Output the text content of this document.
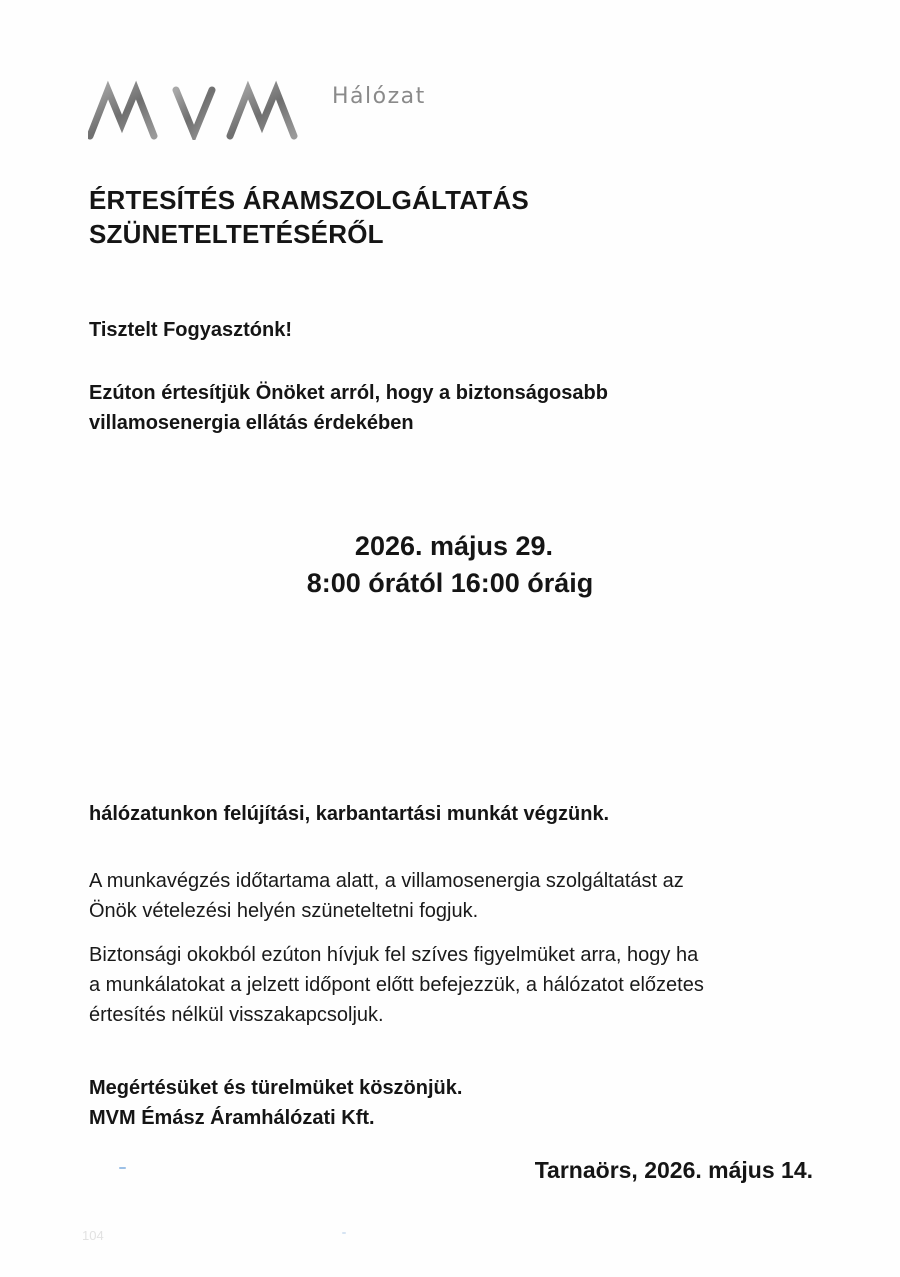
Hálózat
ÉRTESÍTÉS ÁRAMSZOLGÁLTATÁS
SZÜNETELTETÉSÉRŐL
Tisztelt Fogyasztónk!
Ezúton értesítjük Önöket arról, hogy a biztonságosabb
villamosenergia ellátás érdekében
2026. május 29.
8:00 órától 16:00 óráig
hálózatunkon felújítási, karbantartási munkát végzünk.
A munkavégzés időtartama alatt, a villamosenergia szolgáltatást az
Önök vételezési helyén szüneteltetni fogjuk.
Biztonsági okokból ezúton hívjuk fel szíves figyelmüket arra, hogy ha
a munkálatokat a jelzett időpont előtt befejezzük, a hálózatot előzetes
értesítés nélkül visszakapcsoljuk.
Megértésüket és türelmüket köszönjük.
MVM Émász Áramhálózati Kft.
Tarnaörs, 2026. május 14.
104
